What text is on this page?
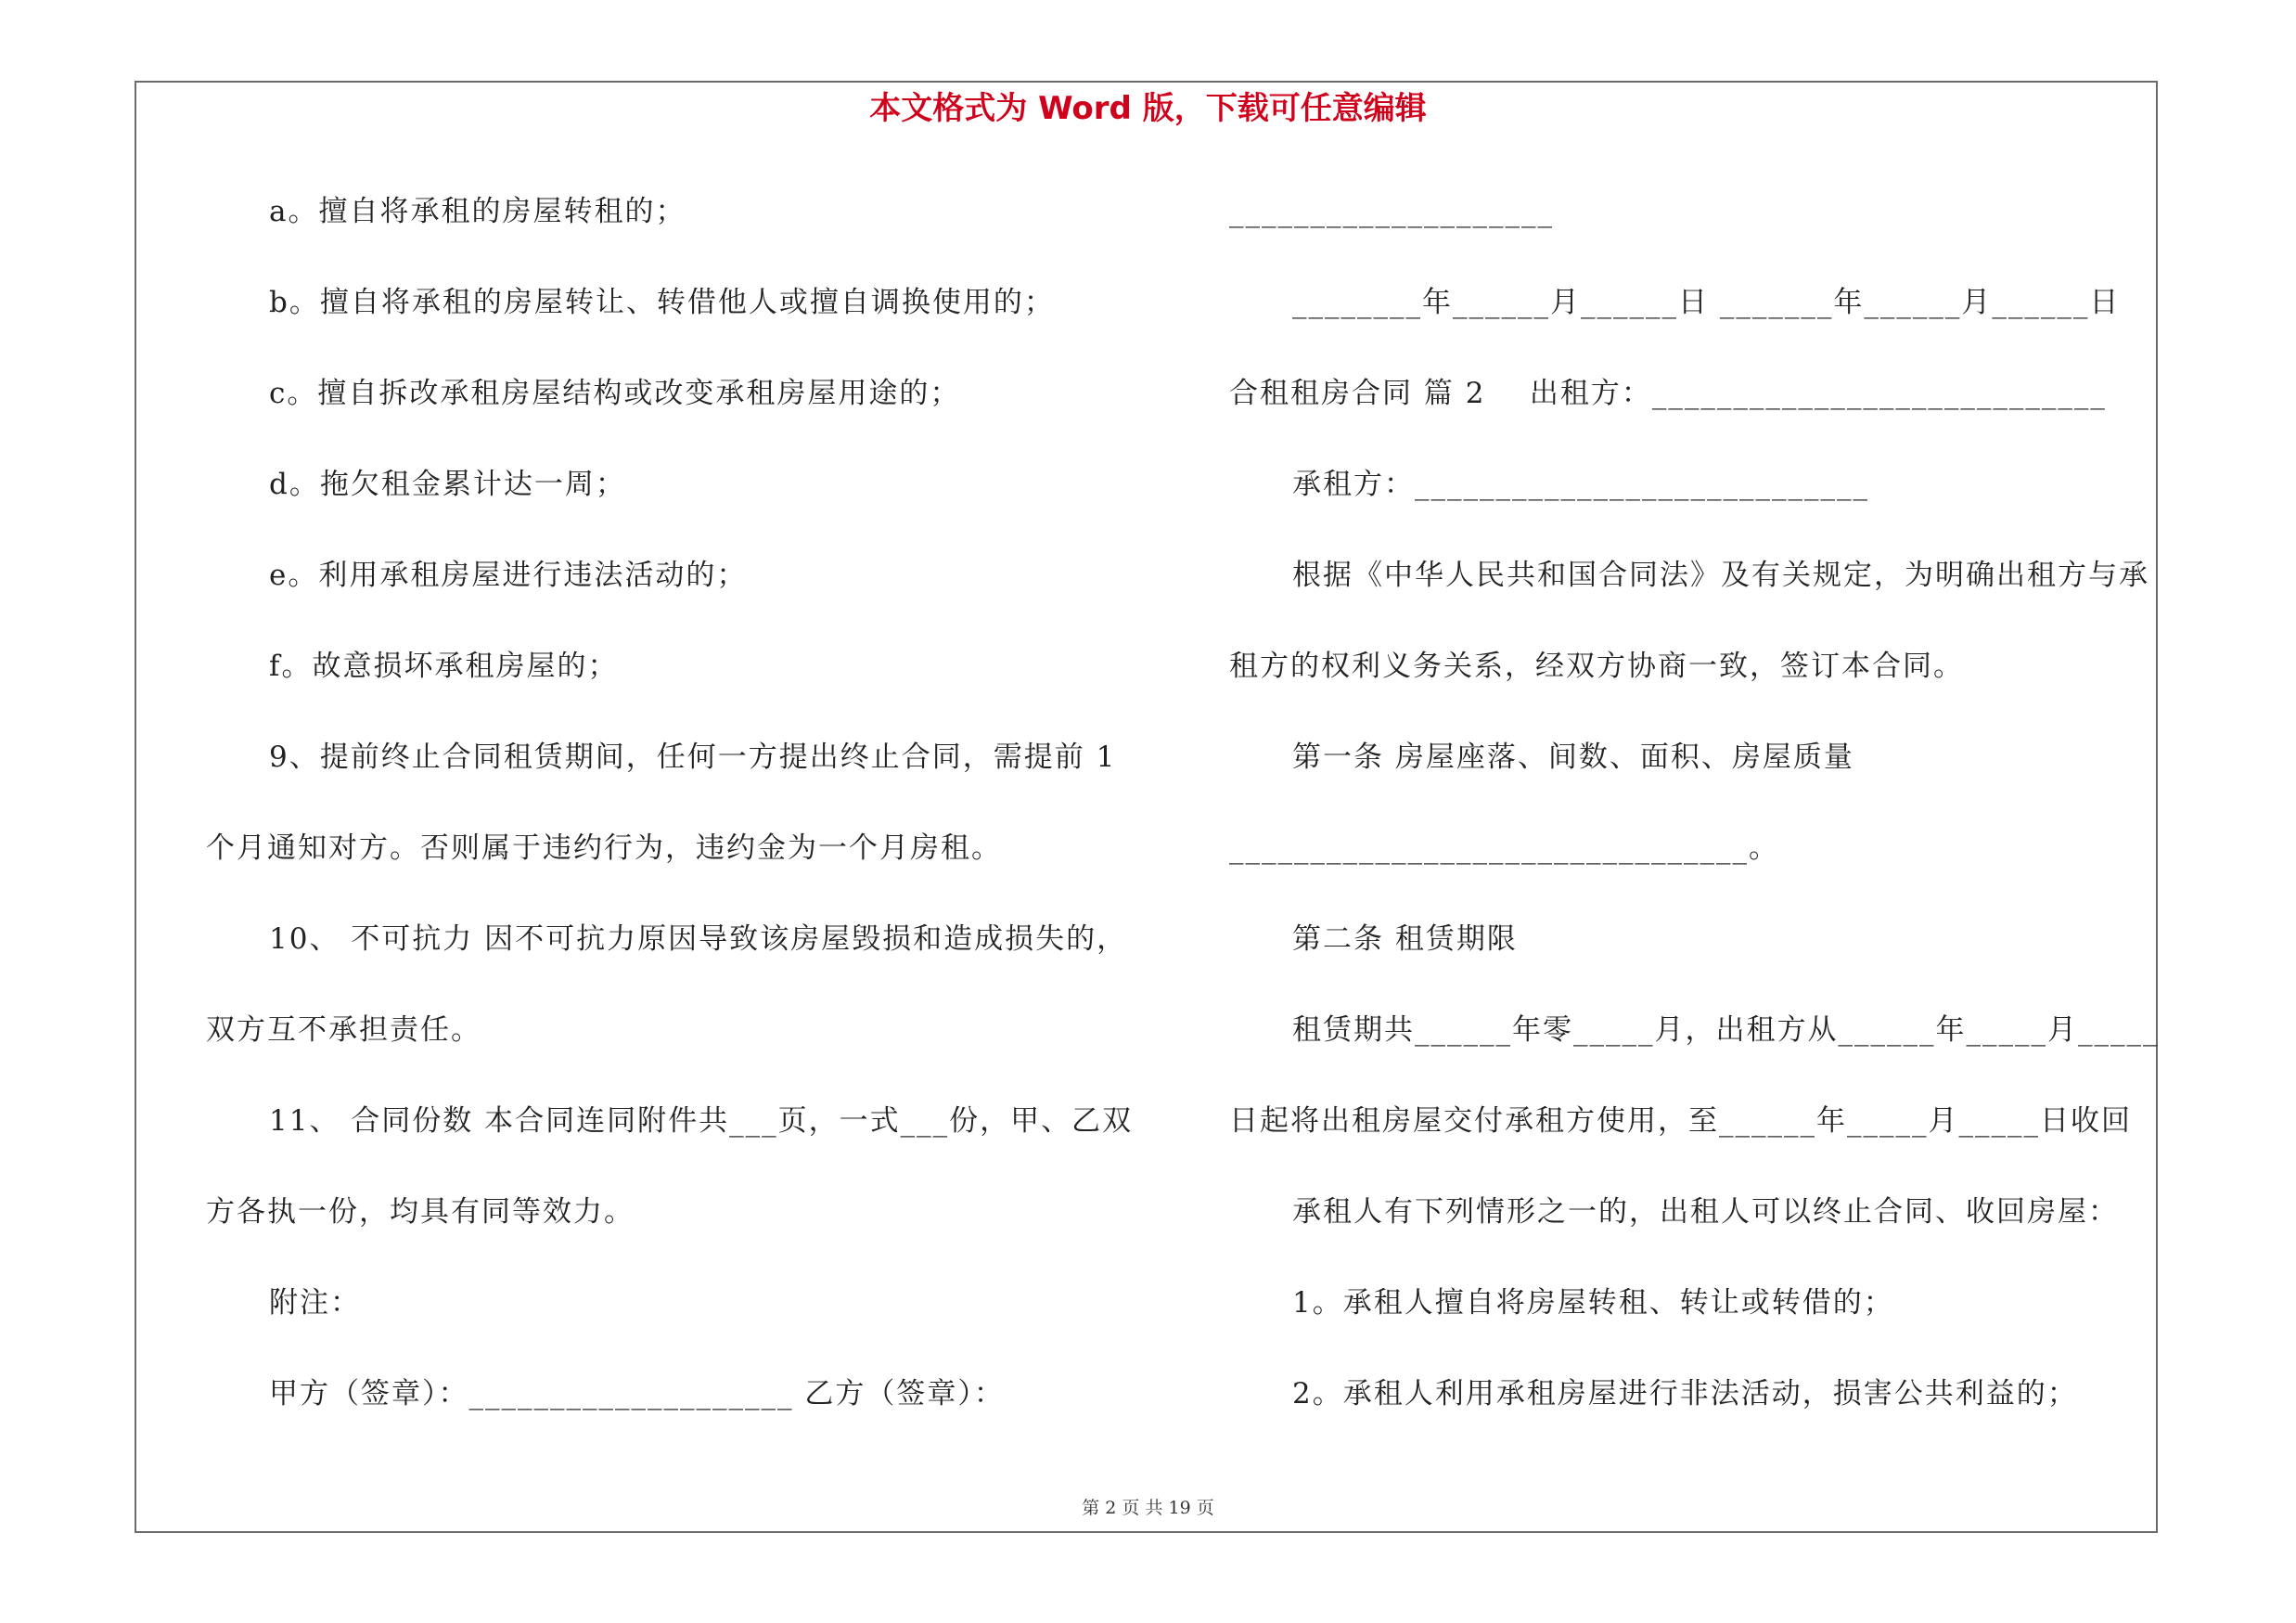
本文格式为 Word 版，下载可任意编辑
a。擅自将承租的房屋转租的；
b。擅自将承租的房屋转让、转借他人或擅自调换使用的；
c。擅自拆改承租房屋结构或改变承租房屋用途的；
d。拖欠租金累计达一周；
e。利用承租房屋进行违法活动的；
f。故意损坏承租房屋的；
9、提前终止合同租赁期间，任何一方提出终止合同，需提前 1
个月通知对方。否则属于违约行为，违约金为一个月房租。
10、 不可抗力 因不可抗力原因导致该房屋毁损和造成损失的，
双方互不承担责任。
11、 合同份数 本合同连同附件共___页，一式___份，甲、乙双
方各执一份，均具有同等效力。
附注：
甲方（签章）：____________________ 乙方（签章）：
____________________
________年______月______日 _______年______月______日
合租租房合同 篇 2    出租方：____________________________
承租方：____________________________
根据《中华人民共和国合同法》及有关规定，为明确出租方与承
租方的权利义务关系，经双方协商一致，签订本合同。
第一条 房屋座落、间数、面积、房屋质量
________________________________。
第二条 租赁期限
租赁期共______年零_____月，出租方从______年_____月_____
日起将出租房屋交付承租方使用，至______年_____月_____日收回
承租人有下列情形之一的，出租人可以终止合同、收回房屋：
1。承租人擅自将房屋转租、转让或转借的；
2。承租人利用承租房屋进行非法活动，损害公共利益的；
第 2 页 共 19 页
